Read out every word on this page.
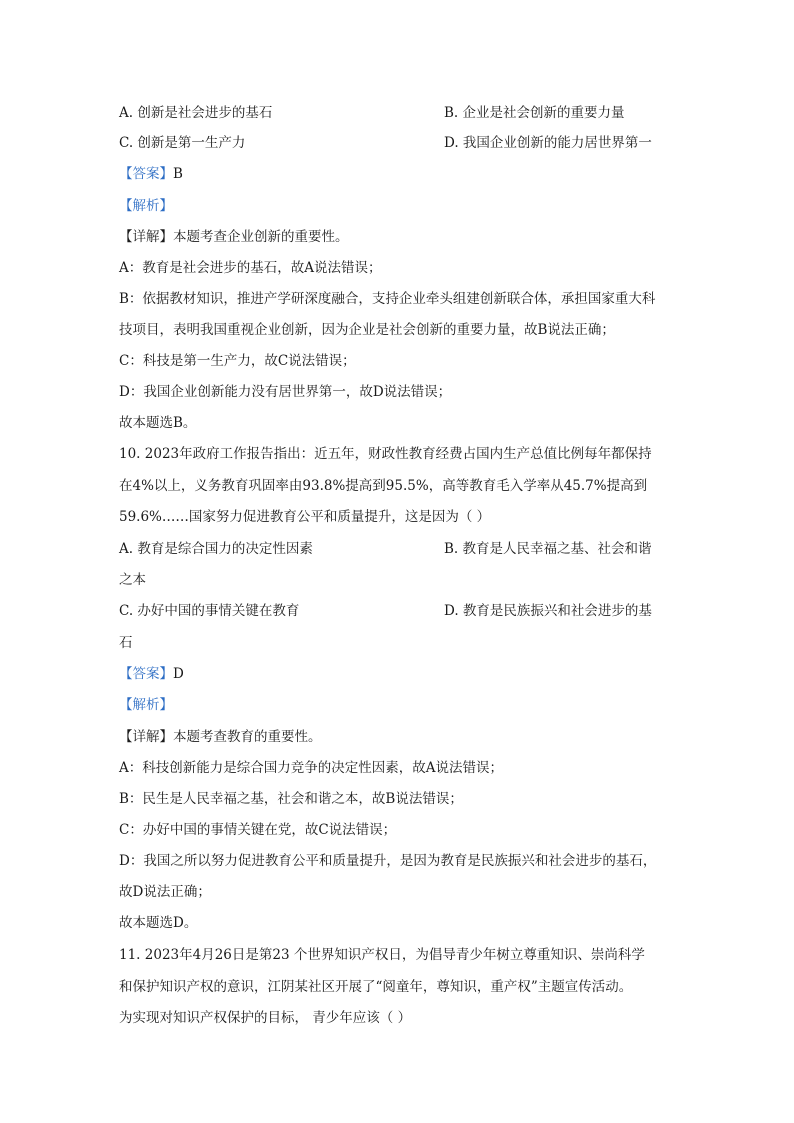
A. 创新是社会进步的基石	B. 企业是社会创新的重要力量
C. 创新是第一生产力	D. 我国企业创新的能力居世界第一
【答案】B
【解析】
【详解】本题考查企业创新的重要性。
A：教育是社会进步的基石，故A说法错误；
B：依据教材知识，推进产学研深度融合，支持企业牵头组建创新联合体，承担国家重大科
技项目，表明我国重视企业创新，因为企业是社会创新的重要力量，故B说法正确；
C：科技是第一生产力，故C说法错误；
D：我国企业创新能力没有居世界第一，故D说法错误；
故本题选B。
10. 2023年政府工作报告指出：近五年，财政性教育经费占国内生产总值比例每年都保持
在4%以上，义务教育巩固率由93.8%提高到95.5%，高等教育毛入学率从45.7%提高到
59.6%……国家努力促进教育公平和质量提升，这是因为（ ）
A. 教育是综合国力的决定性因素	B. 教育是人民幸福之基、社会和谐
之本
C. 办好中国的事情关键在教育	D. 教育是民族振兴和社会进步的基
石
【答案】D
【解析】
【详解】本题考查教育的重要性。
A：科技创新能力是综合国力竞争的决定性因素，故A说法错误；
B：民生是人民幸福之基，社会和谐之本，故B说法错误；
C：办好中国的事情关键在党，故C说法错误；
D：我国之所以努力促进教育公平和质量提升，是因为教育是民族振兴和社会进步的基石，
故D说法正确；
故本题选D。
11. 2023年4月26日是第23 个世界知识产权日，为倡导青少年树立尊重知识、崇尚科学
和保护知识产权的意识，江阴某社区开展了“阅童年，尊知识，重产权”主题宣传活动。
为实现对知识产权保护的目标， 青少年应该（ ）
